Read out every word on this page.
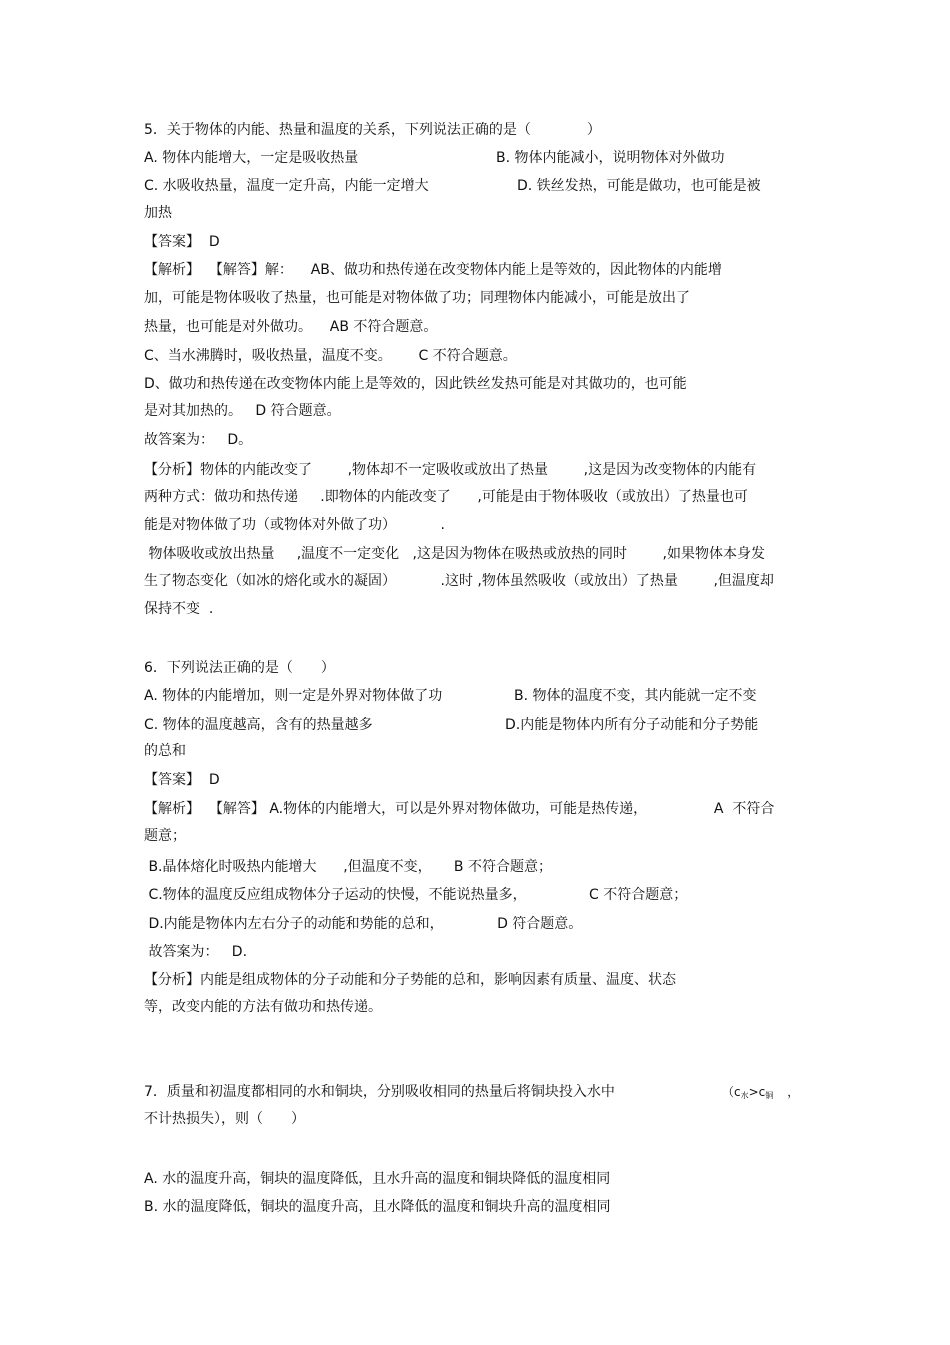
5．关于物体的内能、热量和温度的关系，下列说法正确的是（　　　　）
A. 物体内能增大，一定是吸收热量	B. 物体内能减小，说明物体对外做功
C. 水吸收热量，温度一定升高，内能一定增大	D. 铁丝发热，可能是做功，也可能是被
加热
【答案】  D
【解析】  【解答】解：    AB、做功和热传递在改变物体内能上是等效的，因此物体的内能增
加，可能是物体吸收了热量，也可能是对物体做了功；同理物体内能减小，可能是放出了
热量，也可能是对外做功。    AB 不符合题意。
C、当水沸腾时，吸收热量，温度不变。      C 不符合题意。
D、做功和热传递在改变物体内能上是等效的，因此铁丝发热可能是对其做功的，也可能
是对其加热的。   D 符合题意。
故答案为：   D。
【分析】物体的内能改变了        ,物体却不一定吸收或放出了热量        ,这是因为改变物体的内能有
两种方式：做功和热传递     .即物体的内能改变了      ,可能是由于物体吸收（或放出）了热量也可
能是对物体做了功（或物体对外做了功）          .
物体吸收或放出热量     ,温度不一定变化   ,这是因为物体在吸热或放热的同时        ,如果物体本身发
生了物态变化（如冰的熔化或水的凝固）          .这时 ,物体虽然吸收（或放出）了热量        ,但温度却
保持不变  .
6．下列说法正确的是（　　）
A. 物体的内能增加，则一定是外界对物体做了功	B. 物体的温度不变，其内能就一定不变
C. 物体的温度越高，含有的热量越多	D.内能是物体内所有分子动能和分子势能
的总和
【答案】  D
【解析】  【解答】 A.物体的内能增大，可以是外界对物体做功，可能是热传递，               A  不符合
题意；
B.晶体熔化时吸热内能增大      ,但温度不变，     B 不符合题意；
C.物体的温度反应组成物体分子运动的快慢，不能说热量多，              C 不符合题意；
D.内能是物体内左右分子的动能和势能的总和，            D 符合题意。
故答案为：   D.
【分析】内能是组成物体的分子动能和分子势能的总和，影响因素有质量、温度、状态
等，改变内能的方法有做功和热传递。
7．质量和初温度都相同的水和铜块，分别吸收相同的热量后将铜块投入水中	（$c_水>c_铜$ ，
不计热损失），则（　　）
A. 水的温度升高，铜块的温度降低，且水升高的温度和铜块降低的温度相同
B. 水的温度降低，铜块的温度升高，且水降低的温度和铜块升高的温度相同
